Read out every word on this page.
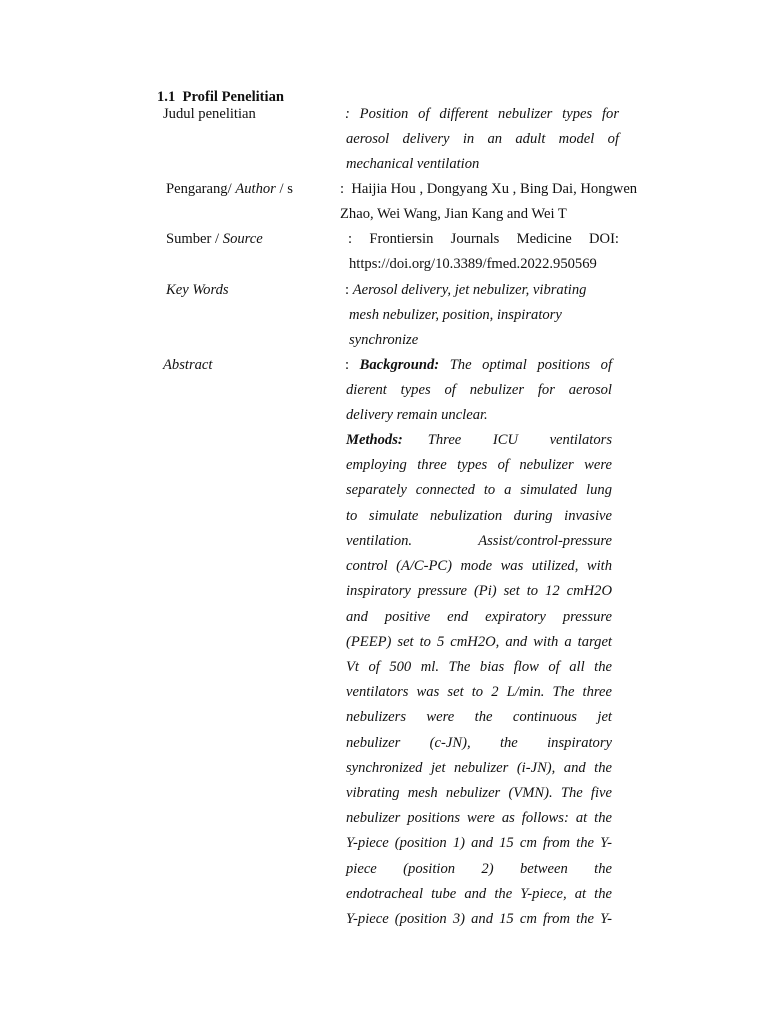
1.1 Profil Penelitian
Judul penelitian	: Position of different nebulizer types for
aerosol delivery in an adult model of
mechanical ventilation
Pengarang/ Author / s	:  Haijia Hou , Dongyang Xu , Bing Dai, Hongwen
Zhao, Wei Wang, Jian Kang and Wei T
Sumber / Source	: Frontiersin Journals Medicine DOI:
https://doi.org/10.3389/fmed.2022.950569
Key Words	: Aerosol delivery, jet nebulizer, vibrating
mesh nebulizer, position, inspiratory
synchronize
Abstract	: Background: The optimal positions of
dierent types of nebulizer for aerosol
delivery remain unclear.
Methods: Three ICU ventilators
employing three types of nebulizer were
separately connected to a simulated lung
to simulate nebulization during invasive
ventilation. Assist/control-pressure
control (A/C-PC) mode was utilized, with
inspiratory pressure (Pi) set to 12 cmH2O
and positive end expiratory pressure
(PEEP) set to 5 cmH2O, and with a target
Vt of 500 ml. The bias flow of all the
ventilators was set to 2 L/min. The three
nebulizers were the continuous jet
nebulizer (c-JN), the inspiratory
synchronized jet nebulizer (i-JN), and the
vibrating mesh nebulizer (VMN). The five
nebulizer positions were as follows: at the
Y-piece (position 1) and 15 cm from the Y-
piece (position 2) between the
endotracheal tube and the Y-piece, at the
Y-piece (position 3) and 15 cm from the Y-
